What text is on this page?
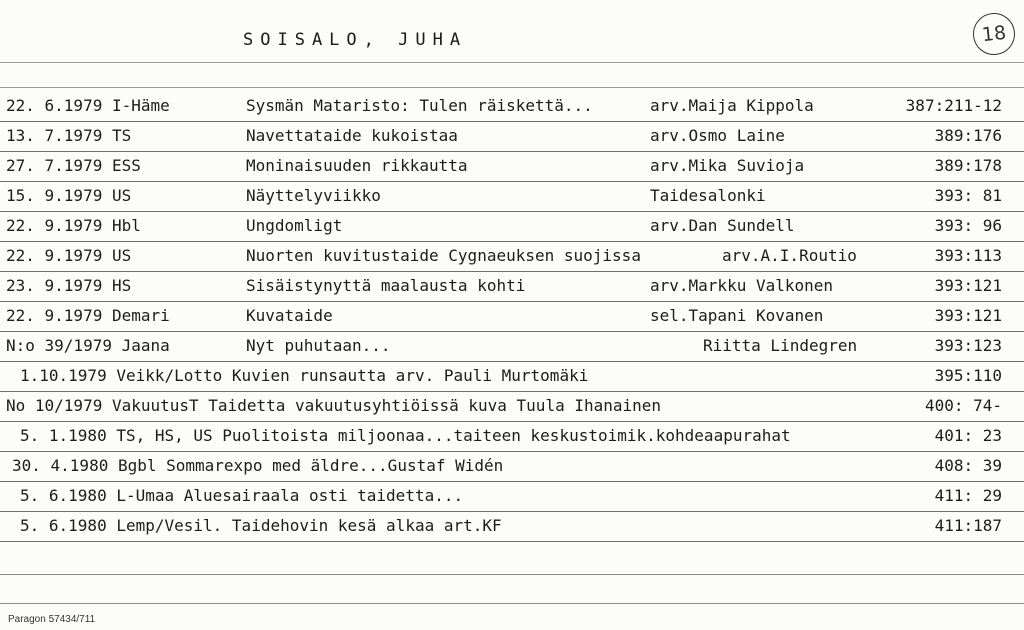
SOISALO, JUHA	18
22. 6.1979 I-Häme	Sysmän Mataristo: Tulen räiskettä...	arv.Maija Kippola	387:211-12
13. 7.1979 TS	Navettataide kukoistaa	arv.Osmo Laine	389:176
27. 7.1979 ESS	Moninaisuuden rikkautta	arv.Mika Suvioja	389:178
15. 9.1979 US	Näyttelyviikko	Taidesalonki	393: 81
22. 9.1979 Hbl	Ungdomligt	arv.Dan Sundell	393: 96
22. 9.1979 US	Nuorten kuvitustaide Cygnaeuksen suojissa	arv.A.I.Routio	393:113
23. 9.1979 HS	Sisäistynyttä maalausta kohti	arv.Markku Valkonen	393:121
22. 9.1979 Demari	Kuvataide	sel.Tapani Kovanen	393:121
N:o 39/1979 Jaana	Nyt puhutaan...	Riitta Lindegren	393:123
1.10.1979 Veikk/Lotto Kuvien runsautta arv. Pauli Murtomäki	395:110
No 10/1979 VakuutusT Taidetta vakuutusyhtiöissä kuva Tuula Ihanainen	400: 74-
5. 1.1980 TS, HS, US Puolitoista miljoonaa...taiteen keskustoimik.kohdeaapurahat	401: 23
30. 4.1980 Bgbl Sommarexpo med äldre...Gustaf Widén	408: 39
5. 6.1980 L-Umaa Aluesairaala osti taidetta...	411: 29
5. 6.1980 Lemp/Vesil. Taidehovin kesä alkaa art.KF	411:187
Paragon 57434/711
